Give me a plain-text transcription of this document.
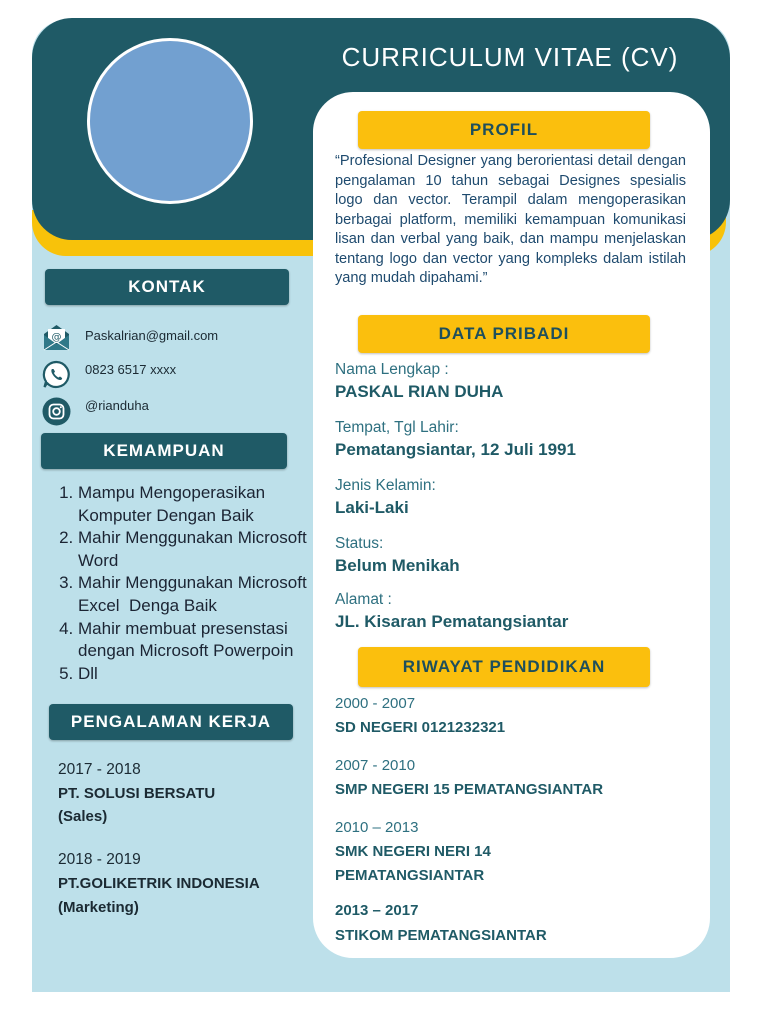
CURRICULUM VITAE (CV)
PROFIL
“Profesional Designer yang berorientasi detail dengan pengalaman 10 tahun sebagai Designes spesialis logo dan vector. Terampil dalam mengoperasikan berbagai platform, memiliki kemampuan komunikasi lisan dan verbal yang baik, dan mampu menjelaskan tentang logo dan vector yang kompleks dalam istilah yang mudah dipahami.”
DATA PRIBADI
Nama Lengkap :
PASKAL RIAN DUHA
Tempat, Tgl Lahir:
Pematangsiantar, 12 Juli 1991
Jenis Kelamin:
Laki-Laki
Status:
Belum Menikah
Alamat :
JL. Kisaran Pematangsiantar
RIWAYAT PENDIDIKAN
2000 - 2007
SD NEGERI 0121232321
2007 - 2010
SMP NEGERI 15 PEMATANGSIANTAR
2010 – 2013
SMK NEGERI NERI 14
PEMATANGSIANTAR
2013 – 2017
STIKOM PEMATANGSIANTAR
KONTAK
@ Paskalrian@gmail.com
0823 6517 xxxx
@rianduha
KEMAMPUAN
1. Mampu Mengoperasikan Komputer Dengan Baik
2. Mahir Menggunakan Microsoft Word
3. Mahir Menggunakan Microsoft Excel  Denga Baik
4. Mahir membuat presenstasi dengan Microsoft Powerpoin
5. Dll
PENGALAMAN KERJA
2017 - 2018
PT. SOLUSI BERSATU
(Sales)
2018 - 2019
PT.GOLIKETRIK INDONESIA
(Marketing)
